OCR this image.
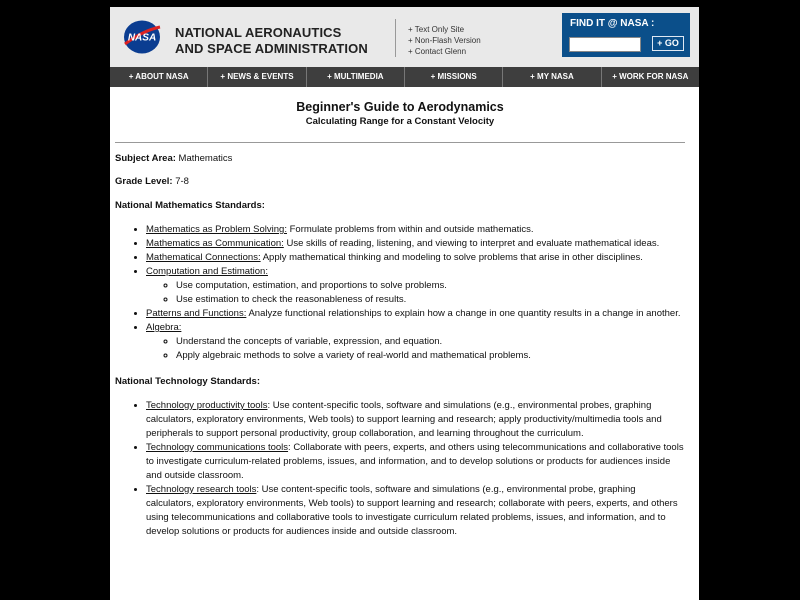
NASA NATIONAL AERONAUTICS
AND SPACE ADMINISTRATION
+ Text Only Site
+ Non-Flash Version
+ Contact Glenn
FIND IT @ NASA :
+ GO
+ ABOUT NASA	+ NEWS & EVENTS	+ MULTIMEDIA	+ MISSIONS	+ MY NASA	+ WORK FOR NASA
Beginner's Guide to Aerodynamics
Calculating Range for a Constant Velocity
Subject Area: Mathematics
Grade Level: 7-8
National Mathematics Standards:
• Mathematics as Problem Solving: Formulate problems from within and outside mathematics.
• Mathematics as Communication: Use skills of reading, listening, and viewing to interpret and evaluate mathematical ideas.
• Mathematical Connections: Apply mathematical thinking and modeling to solve problems that arise in other disciplines.
• Computation and Estimation:
◦ Use computation, estimation, and proportions to solve problems.
◦ Use estimation to check the reasonableness of results.
• Patterns and Functions: Analyze functional relationships to explain how a change in one quantity results in a change in another.
• Algebra:
◦ Understand the concepts of variable, expression, and equation.
◦ Apply algebraic methods to solve a variety of real-world and mathematical problems.
National Technology Standards:
• Technology productivity tools: Use content-specific tools, software and simulations (e.g., environmental probes, graphing calculators, exploratory environments, Web tools) to support learning and research; apply productivity/multimedia tools and peripherals to support personal productivity, group collaboration, and learning throughout the curriculum.
• Technology communications tools: Collaborate with peers, experts, and others using telecommunications and collaborative tools to investigate curriculum-related problems, issues, and information, and to develop solutions or products for audiences inside and outside classroom.
• Technology research tools: Use content-specific tools, software and simulations (e.g., environmental probe, graphing calculators, exploratory environments, Web tools) to support learning and research; collaborate with peers, experts, and others using telecommunications and collaborative tools to investigate curriculum related problems, issues, and information, and to develop solutions or products for audiences inside and outside classroom.
